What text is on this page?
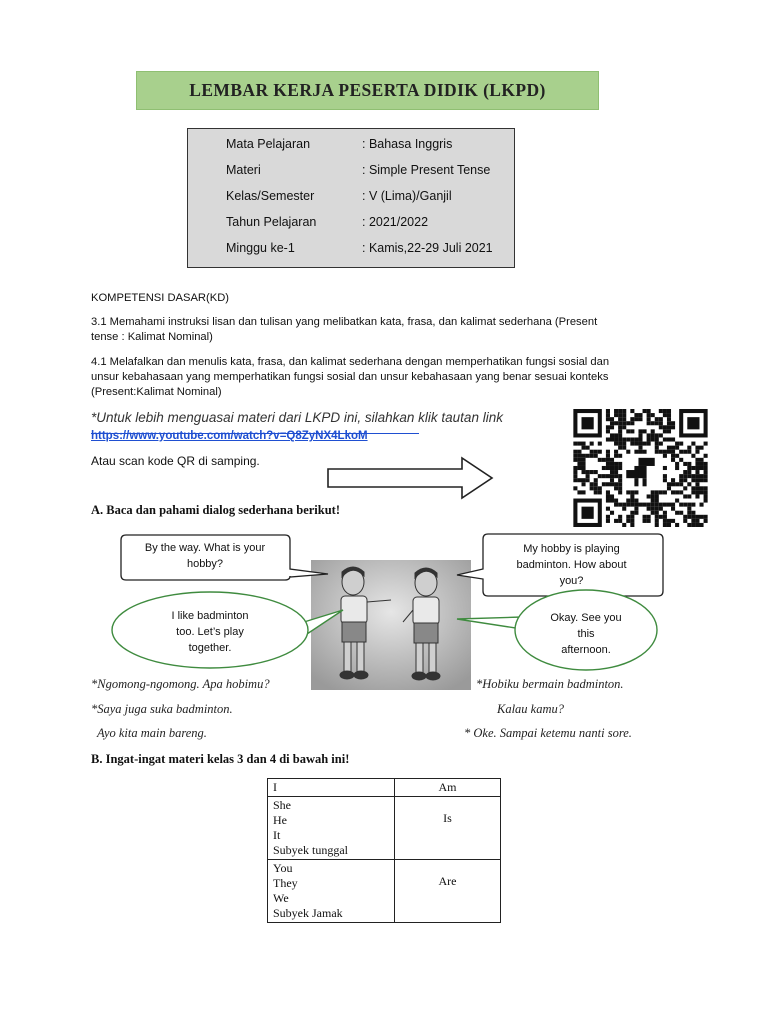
LEMBAR KERJA PESERTA DIDIK (LKPD)
Mata Pelajaran	: Bahasa Inggris
Materi	: Simple Present Tense
Kelas/Semester	: V (Lima)/Ganjil
Tahun Pelajaran	: 2021/2022
Minggu ke-1	: Kamis,22-29 Juli 2021
KOMPETENSI DASAR(KD)
3.1 Memahami instruksi lisan dan tulisan yang melibatkan kata, frasa, dan kalimat sederhana (Present
tense : Kalimat Nominal)
4.1 Melafalkan dan menulis kata, frasa, dan kalimat sederhana dengan memperhatikan fungsi sosial dan
unsur kebahasaan yang memperhatikan fungsi sosial dan unsur kebahasaan yang benar sesuai konteks
(Present:Kalimat Nominal)
*Untuk lebih menguasai materi dari LKPD ini, silahkan klik tautan link
https://www.youtube.com/watch?v=Q8ZyNX4LkoM
Atau scan kode QR di samping.
A. Baca dan pahami dialog sederhana berikut!
By the way. What is your
hobby?
My hobby is playing
badminton. How about
you?
I like badminton
too. Let’s play
together.
Okay. See you
this
afternoon.
*Ngomong-ngomong. Apa hobimu?	*Hobiku bermain badminton.
*Saya juga suka badminton.	Kalau kamu?
Ayo kita main bareng.	* Oke. Sampai ketemu nanti sore.
B. Ingat-ingat materi kelas 3 dan 4 di bawah ini!
I	Am

She
He
It
Subyek tunggal	Is

You
They
We
Subyek Jamak	Are
